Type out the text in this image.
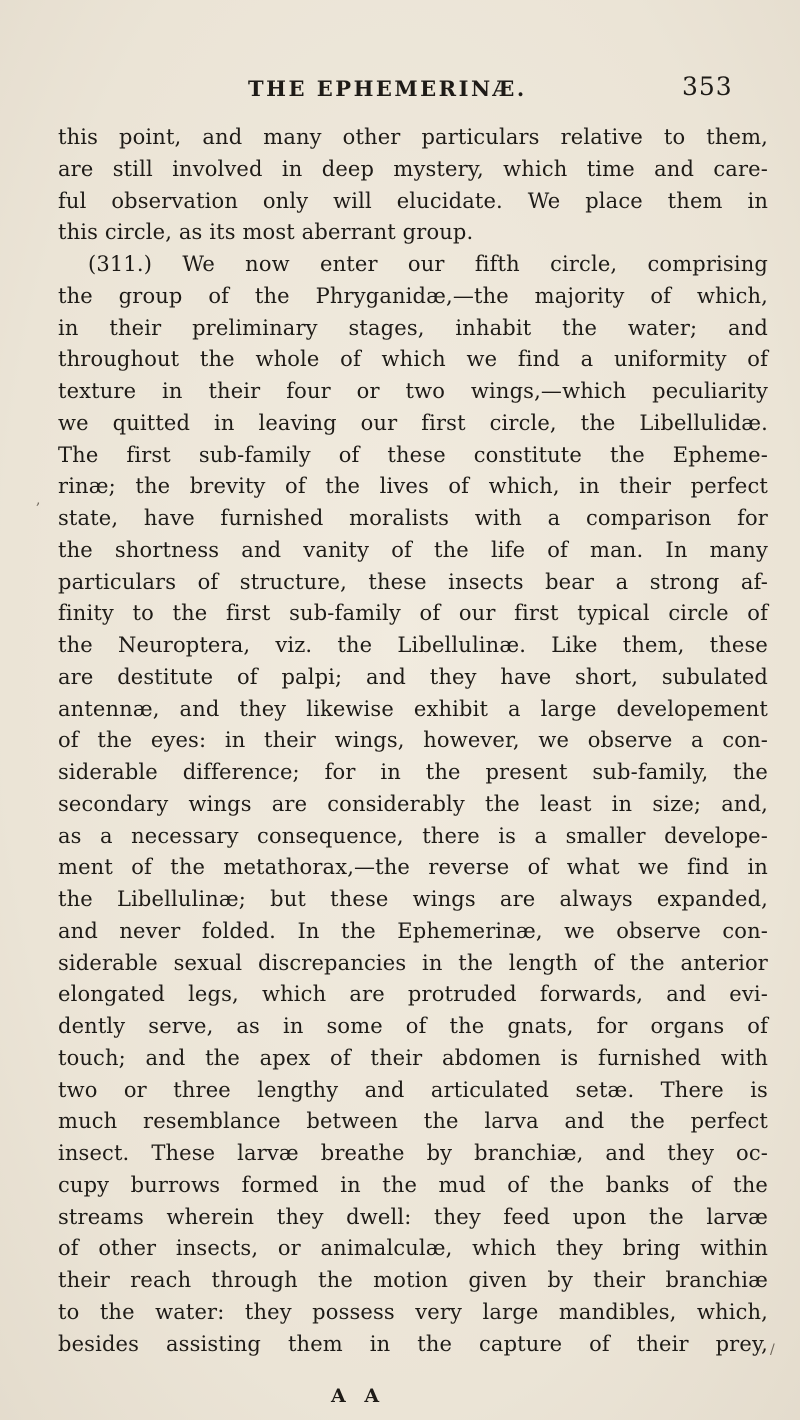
THE EPHEMERINÆ.	353
this point, and many other particulars relative to them,
are still involved in deep mystery, which time and care-
ful observation only will elucidate. We place them in
this circle, as its most aberrant group.
(311.) We now enter our fifth circle, comprising
the group of the Phryganidæ,—the majority of which,
in their preliminary stages, inhabit the water; and
throughout the whole of which we find a uniformity of
texture in their four or two wings,—which peculiarity
we quitted in leaving our first circle, the Libellulidæ.
The first sub-family of these constitute the Epheme-
rinæ; the brevity of the lives of which, in their perfect
state, have furnished moralists with a comparison for
the shortness and vanity of the life of man. In many
particulars of structure, these insects bear a strong af-
finity to the first sub-family of our first typical circle of
the Neuroptera, viz. the Libellulinæ. Like them, these
are destitute of palpi; and they have short, subulated
antennæ, and they likewise exhibit a large developement
of the eyes: in their wings, however, we observe a con-
siderable difference; for in the present sub-family, the
secondary wings are considerably the least in size; and,
as a necessary consequence, there is a smaller develope-
ment of the metathorax,—the reverse of what we find in
the Libellulinæ; but these wings are always expanded,
and never folded. In the Ephemerinæ, we observe con-
siderable sexual discrepancies in the length of the anterior
elongated legs, which are protruded forwards, and evi-
dently serve, as in some of the gnats, for organs of
touch; and the apex of their abdomen is furnished with
two or three lengthy and articulated setæ. There is
much resemblance between the larva and the perfect
insect. These larvæ breathe by branchiæ, and they oc-
cupy burrows formed in the mud of the banks of the
streams wherein they dwell: they feed upon the larvæ
of other insects, or animalculæ, which they bring within
their reach through the motion given by their branchiæ
to the water: they possess very large mandibles, which,
besides assisting them in the capture of their prey,
A A
,
/
